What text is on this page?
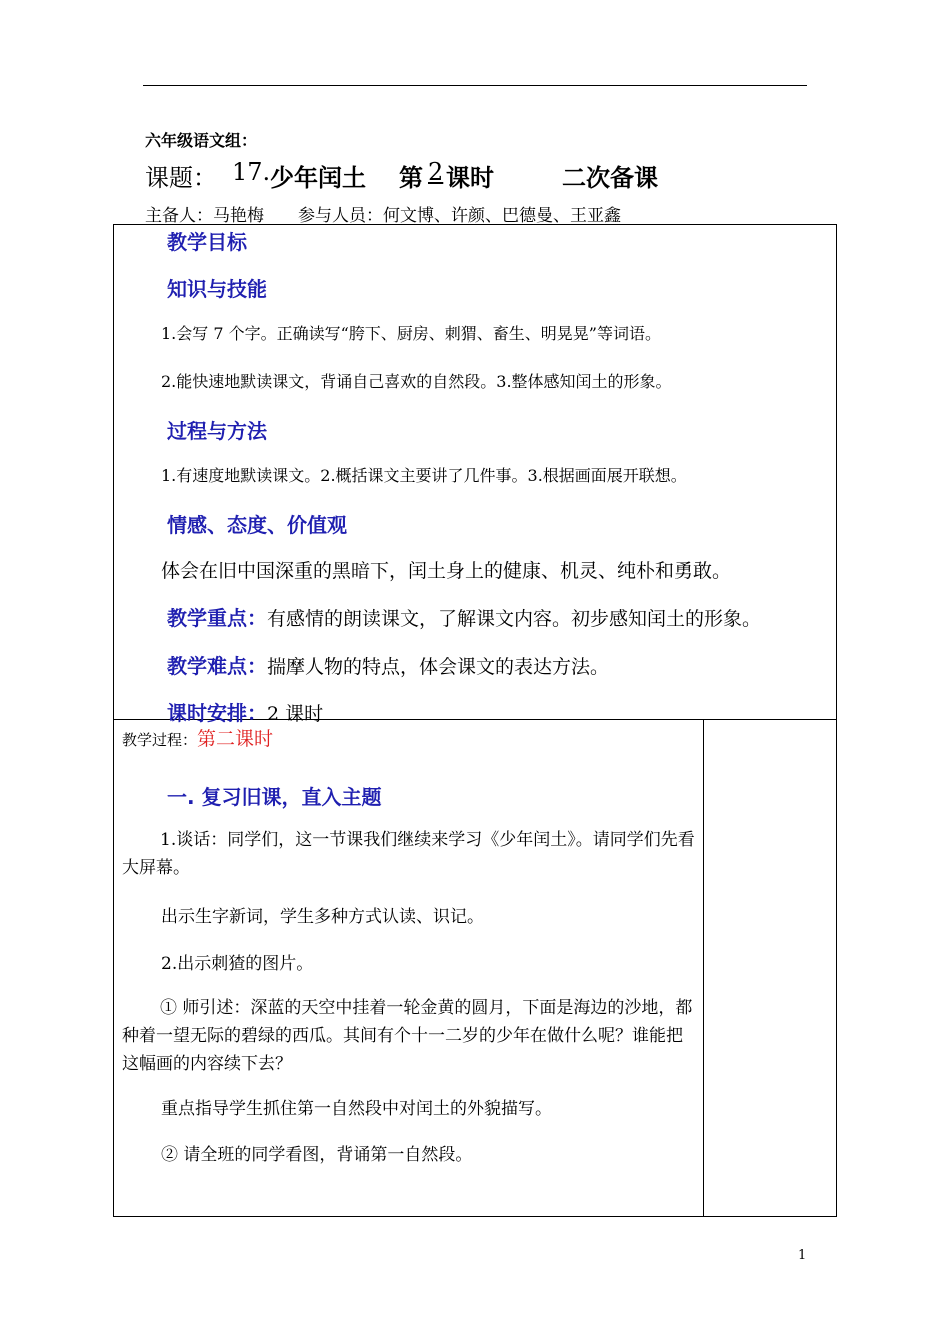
六年级语文组：
课题： 17. 少年闰土 第 2 课时	二次备课
主备人：马艳梅　　参与人员：何文博、许颜、巴德曼、王亚鑫
教学目标
知识与技能
1.会写 7 个字。正确读写“胯下、厨房、刺猬、畜生、明晃晃”等词语。
2.能快速地默读课文，背诵自己喜欢的自然段。3.整体感知闰土的形象。
过程与方法
1.有速度地默读课文。2.概括课文主要讲了几件事。3.根据画面展开联想。
情感、态度、价值观
体会在旧中国深重的黑暗下，闰土身上的健康、机灵、纯朴和勇敢。
教学重点：有感情的朗读课文，了解课文内容。初步感知闰土的形象。
教学难点：揣摩人物的特点，体会课文的表达方法。
课时安排：2 课时
教学过程：第二课时
一. 复习旧课，直入主题
1.谈话：同学们，这一节课我们继续来学习《少年闰土》。请同学们先看大屏幕。
出示生字新词，学生多种方式认读、识记。
2.出示刺猹的图片。
① 师引述：深蓝的天空中挂着一轮金黄的圆月，下面是海边的沙地，都种着一望无际的碧绿的西瓜。其间有个十一二岁的少年在做什么呢？谁能把这幅画的内容续下去？
重点指导学生抓住第一自然段中对闰土的外貌描写。
② 请全班的同学看图，背诵第一自然段。
1
